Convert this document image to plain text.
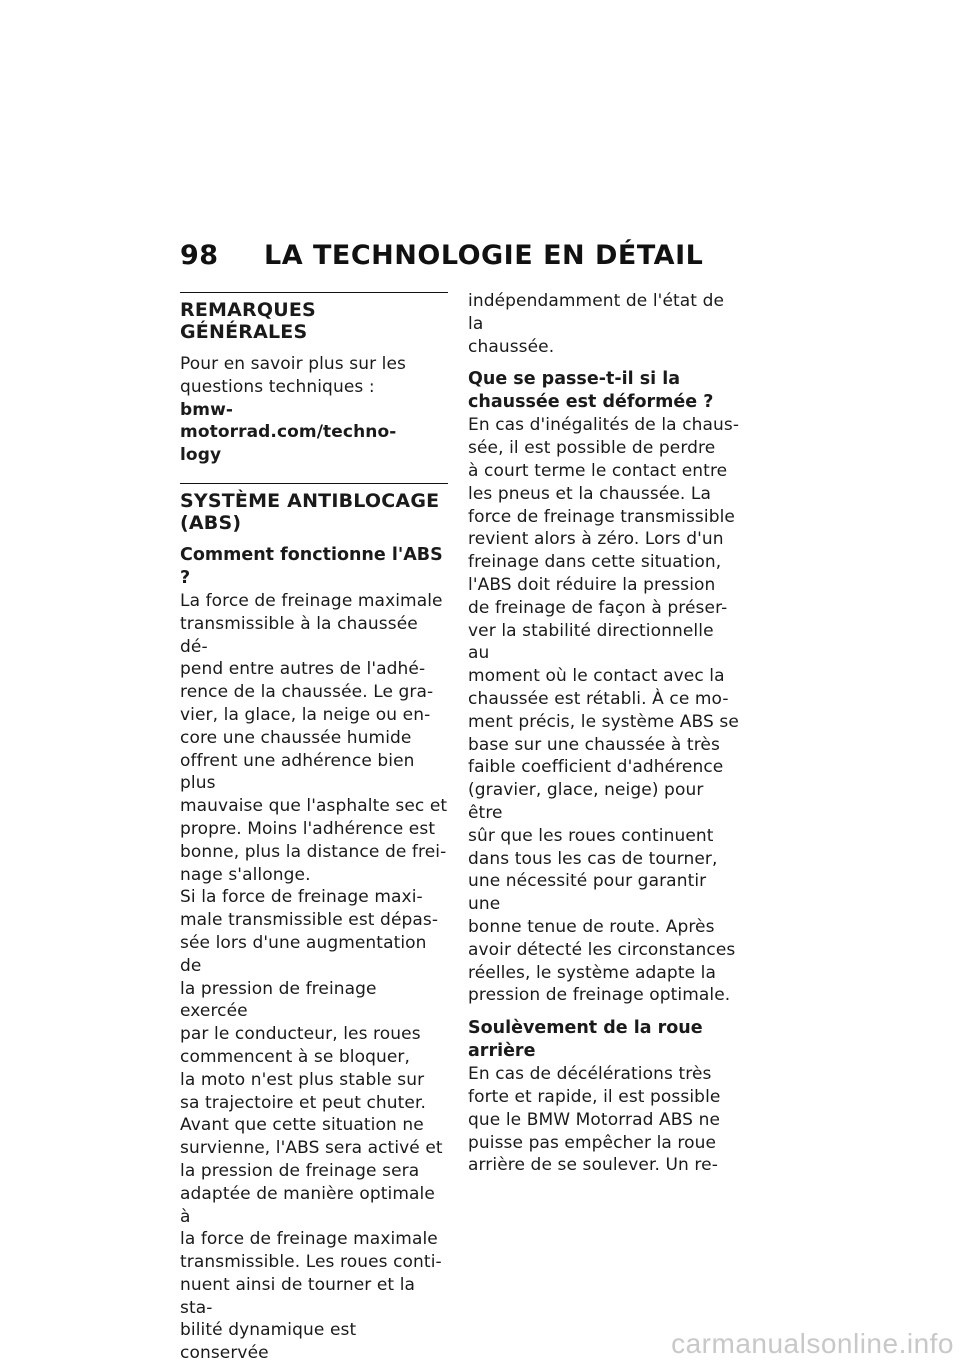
98 LA TECHNOLOGIE EN DÉTAIL
REMARQUES GÉNÉRALES

Pour en savoir plus sur les
questions techniques :

bmw-motorrad.com/techno-
logy

SYSTÈME ANTIBLOCAGE
(ABS)

Comment fonctionne l'ABS ?

La force de freinage maximale
transmissible à la chaussée dé-
pend entre autres de l'adhé-
rence de la chaussée. Le gra-
vier, la glace, la neige ou en-
core une chaussée humide
offrent une adhérence bien plus
mauvaise que l'asphalte sec et
propre. Moins l'adhérence est
bonne, plus la distance de frei-
nage s'allonge.

Si la force de freinage maxi-
male transmissible est dépas-
sée lors d'une augmentation de
la pression de freinage exercée
par le conducteur, les roues
commencent à se bloquer,
la moto n'est plus stable sur
sa trajectoire et peut chuter.
Avant que cette situation ne
survienne, l'ABS sera activé et
la pression de freinage sera
adaptée de manière optimale à
la force de freinage maximale
transmissible. Les roues conti-
nuent ainsi de tourner et la sta-
bilité dynamique est conservée

indépendamment de l'état de la
chaussée.

Que se passe-t-il si la
chaussée est déformée ?

En cas d'inégalités de la chaus-
sée, il est possible de perdre
à court terme le contact entre
les pneus et la chaussée. La
force de freinage transmissible
revient alors à zéro. Lors d'un
freinage dans cette situation,
l'ABS doit réduire la pression
de freinage de façon à préser-
ver la stabilité directionnelle au
moment où le contact avec la
chaussée est rétabli. À ce mo-
ment précis, le système ABS se
base sur une chaussée à très
faible coefficient d'adhérence
(gravier, glace, neige) pour être
sûr que les roues continuent
dans tous les cas de tourner,
une nécessité pour garantir une
bonne tenue de route. Après
avoir détecté les circonstances
réelles, le système adapte la
pression de freinage optimale.

Soulèvement de la roue
arrière

En cas de décélérations très
forte et rapide, il est possible
que le BMW Motorrad ABS ne
puisse pas empêcher la roue
arrière de se soulever. Un re-

carmanualsonline.info
